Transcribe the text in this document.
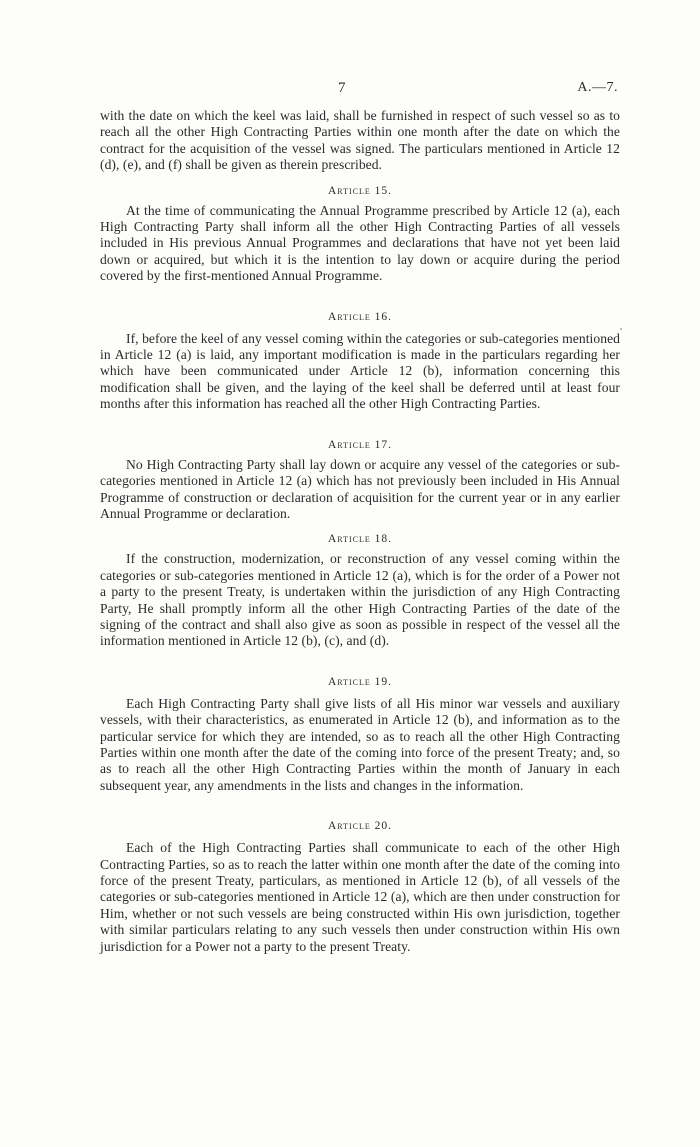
7	A.—7.

with the date on which the keel was laid, shall be furnished in respect of such vessel so as to reach all the other High Contracting Parties within one month after the date on which the contract for the acquisition of the vessel was signed. The particulars mentioned in Article 12 (d), (e), and (f) shall be given as therein prescribed.

Article 15.

At the time of communicating the Annual Programme prescribed by Article 12 (a), each High Contracting Party shall inform all the other High Contracting Parties of all vessels included in His previous Annual Programmes and declarations that have not yet been laid down or acquired, but which it is the intention to lay down or acquire during the period covered by the first-mentioned Annual Programme.

Article 16.

If, before the keel of any vessel coming within the categories or sub-categories mentioned in Article 12 (a) is laid, any important modification is made in the particulars regarding her which have been communicated under Article 12 (b), information concerning this modification shall be given, and the laying of the keel shall be deferred until at least four months after this information has reached all the other High Contracting Parties.

Article 17.

No High Contracting Party shall lay down or acquire any vessel of the categories or sub-categories mentioned in Article 12 (a) which has not previously been included in His Annual Programme of construction or declaration of acquisition for the current year or in any earlier Annual Programme or declaration.

Article 18.

If the construction, modernization, or reconstruction of any vessel coming within the categories or sub-categories mentioned in Article 12 (a), which is for the order of a Power not a party to the present Treaty, is undertaken within the jurisdiction of any High Contracting Party, He shall promptly inform all the other High Contracting Parties of the date of the signing of the contract and shall also give as soon as possible in respect of the vessel all the information mentioned in Article 12 (b), (c), and (d).

Article 19.

Each High Contracting Party shall give lists of all His minor war vessels and auxiliary vessels, with their characteristics, as enumerated in Article 12 (b), and information as to the particular service for which they are intended, so as to reach all the other High Contracting Parties within one month after the date of the coming into force of the present Treaty; and, so as to reach all the other High Contracting Parties within the month of January in each subsequent year, any amendments in the lists and changes in the information.

Article 20.

Each of the High Contracting Parties shall communicate to each of the other High Contracting Parties, so as to reach the latter within one month after the date of the coming into force of the present Treaty, particulars, as mentioned in Article 12 (b), of all vessels of the categories or sub-categories mentioned in Article 12 (a), which are then under construction for Him, whether or not such vessels are being constructed within His own jurisdiction, together with similar particulars relating to any such vessels then under construction within His own jurisdiction for a Power not a party to the present Treaty.
